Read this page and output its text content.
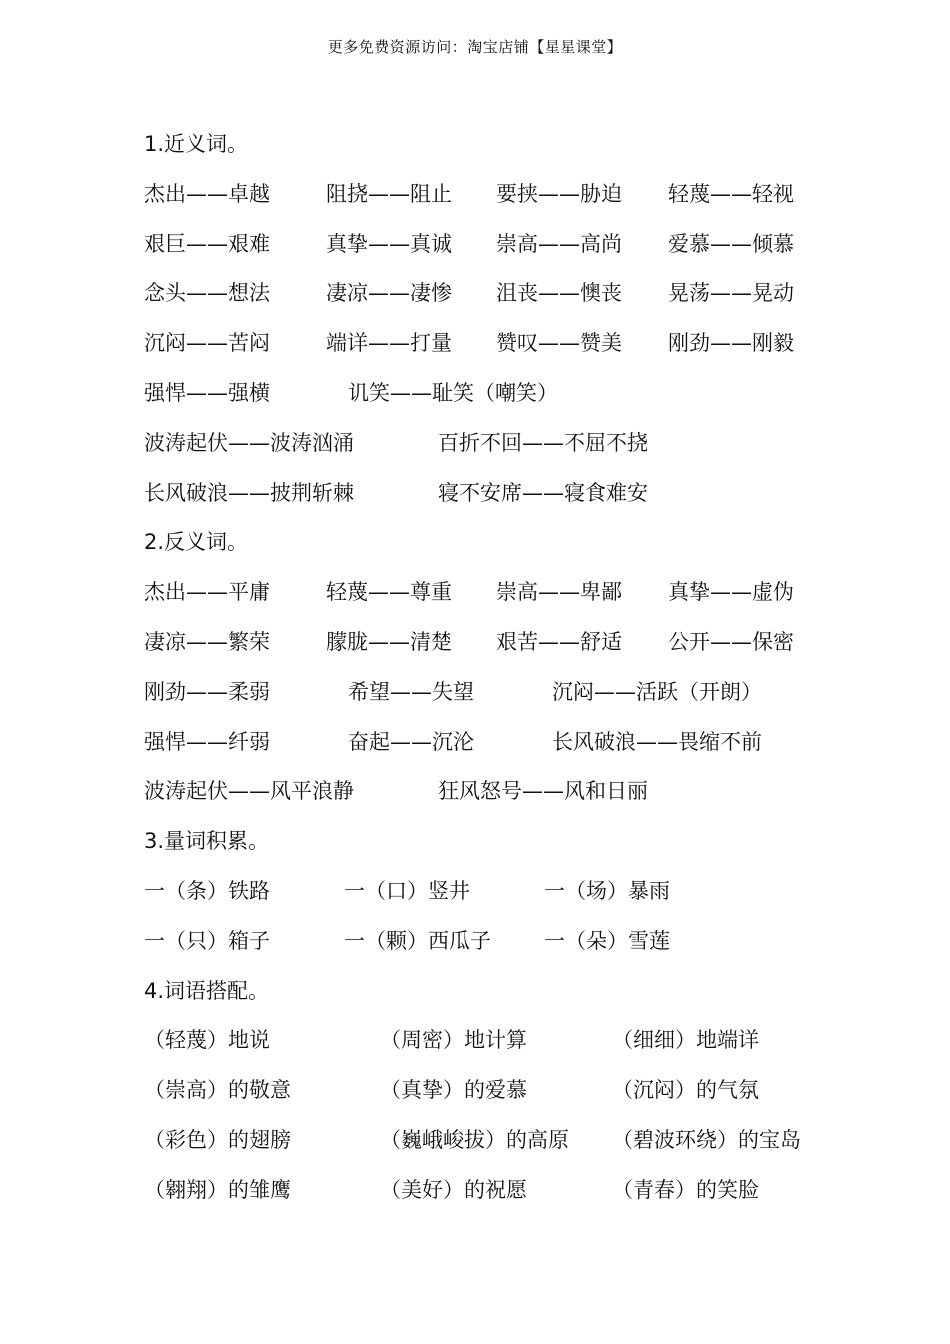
更多免费资源访问：淘宝店铺【星星课堂】
1.近义词。
杰出——卓越	阻挠——阻止 要挟——胁迫 轻蔑——轻视
艰巨——艰难	真挚——真诚 崇高——高尚 爱慕——倾慕
念头——想法	凄凉——凄惨 沮丧——懊丧 晃荡——晃动
沉闷——苦闷	端详——打量 赞叹——赞美 刚劲——刚毅
强悍——强横	讥笑——耻笑（嘲笑）
波涛起伏——波涛汹涌	百折不回——不屈不挠
长风破浪——披荆斩棘	寝不安席——寝食难安
2.反义词。
杰出——平庸	轻蔑——尊重 崇高——卑鄙 真挚——虚伪
凄凉——繁荣	朦胧——清楚 艰苦——舒适 公开——保密
刚劲——柔弱	希望——失望	沉闷——活跃（开朗）
强悍——纤弱	奋起——沉沦	长风破浪——畏缩不前
波涛起伏——风平浪静	狂风怒号——风和日丽
3.量词积累。
一（条）铁路	一（口）竖井	一（场）暴雨
一（只）箱子	一（颗）西瓜子	一（朵）雪莲
4.词语搭配。
（轻蔑）地说	（周密）地计算	（细细）地端详
（崇高）的敬意	（真挚）的爱慕	（沉闷）的气氛
（彩色）的翅膀	（巍峨峻拔）的高原 （碧波环绕）的宝岛
（翱翔）的雏鹰	（美好）的祝愿	（青春）的笑脸
